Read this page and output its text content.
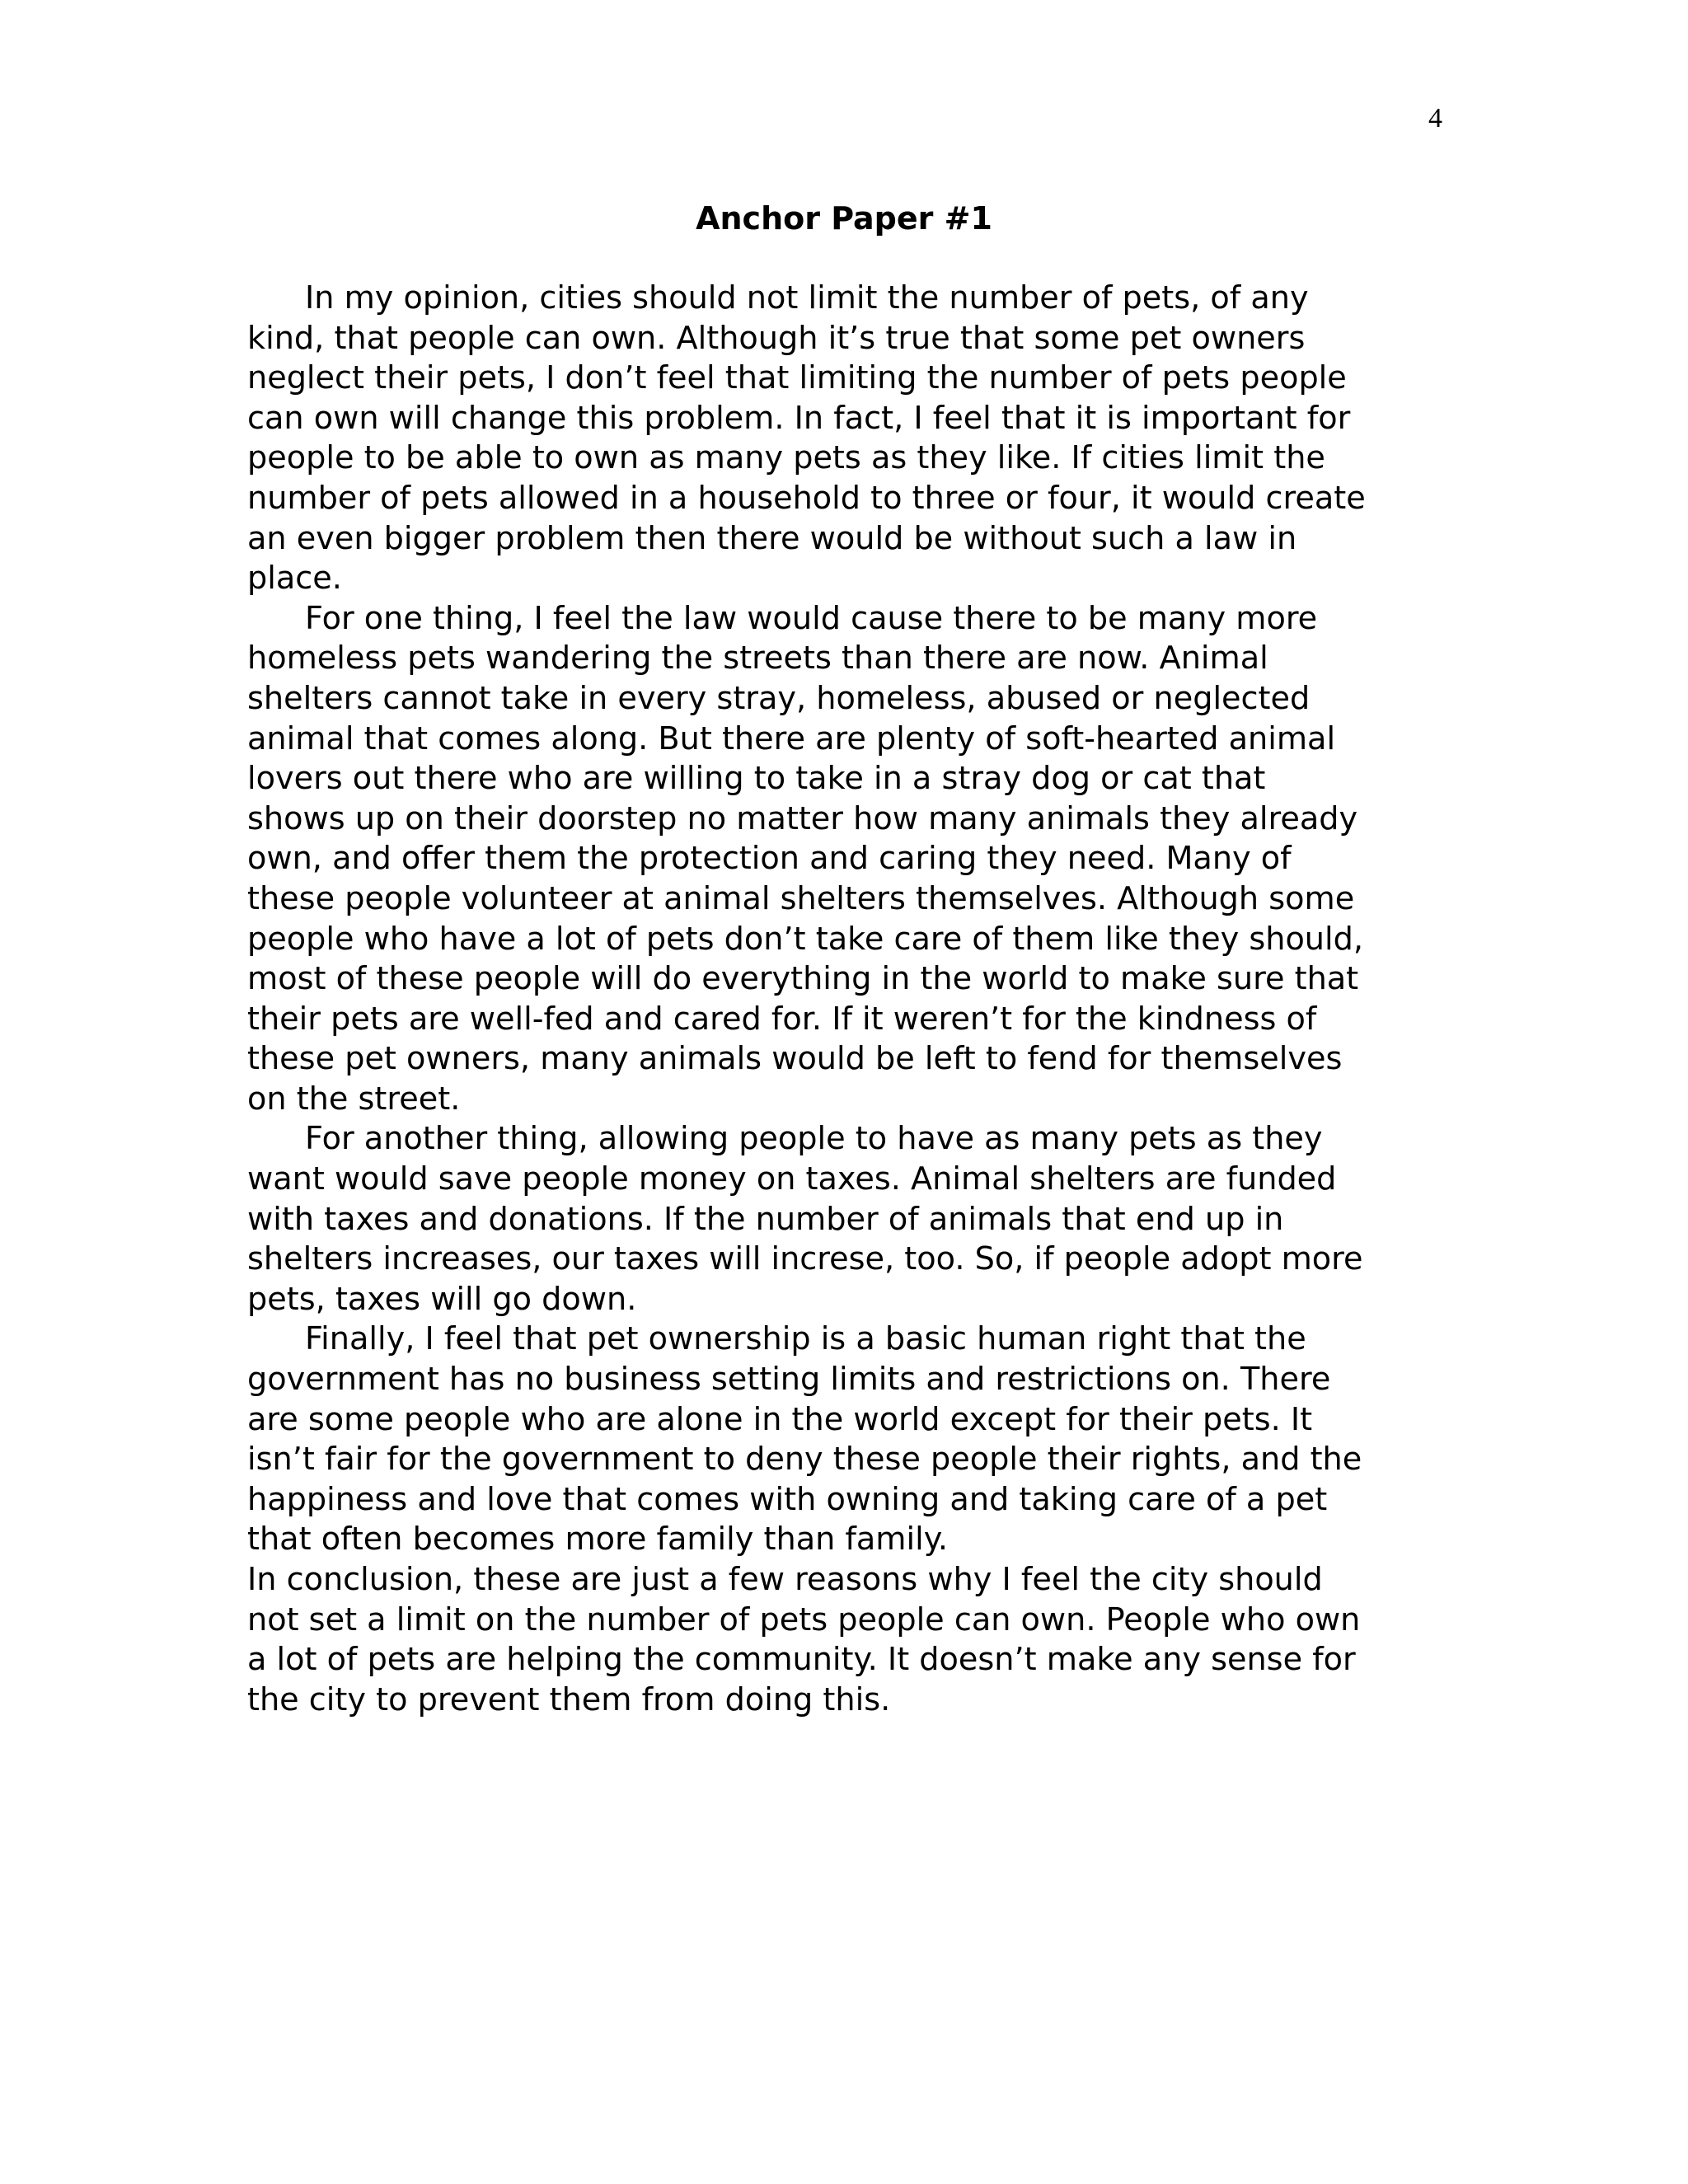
4
Anchor Paper #1
In my opinion, cities should not limit the number of pets, of any
kind, that people can own. Although it’s true that some pet owners
neglect their pets, I don’t feel that limiting the number of pets people
can own will change this problem. In fact, I feel that it is important for
people to be able to own as many pets as they like. If cities limit the
number of pets allowed in a household to three or four, it would create
an even bigger problem then there would be without such a law in
place.
For one thing, I feel the law would cause there to be many more
homeless pets wandering the streets than there are now. Animal
shelters cannot take in every stray, homeless, abused or neglected
animal that comes along. But there are plenty of soft-hearted animal
lovers out there who are willing to take in a stray dog or cat that
shows up on their doorstep no matter how many animals they already
own, and offer them the protection and caring they need. Many of
these people volunteer at animal shelters themselves. Although some
people who have a lot of pets don’t take care of them like they should,
most of these people will do everything in the world to make sure that
their pets are well-fed and cared for. If it weren’t for the kindness of
these pet owners, many animals would be left to fend for themselves
on the street.
For another thing, allowing people to have as many pets as they
want would save people money on taxes. Animal shelters are funded
with taxes and donations. If the number of animals that end up in
shelters increases, our taxes will increse, too. So, if people adopt more
pets, taxes will go down.
Finally, I feel that pet ownership is a basic human right that the
government has no business setting limits and restrictions on. There
are some people who are alone in the world except for their pets. It
isn’t fair for the government to deny these people their rights, and the
happiness and love that comes with owning and taking care of a pet
that often becomes more family than family.
In conclusion, these are just a few reasons why I feel the city should
not set a limit on the number of pets people can own. People who own
a lot of pets are helping the community. It doesn’t make any sense for
the city to prevent them from doing this.
